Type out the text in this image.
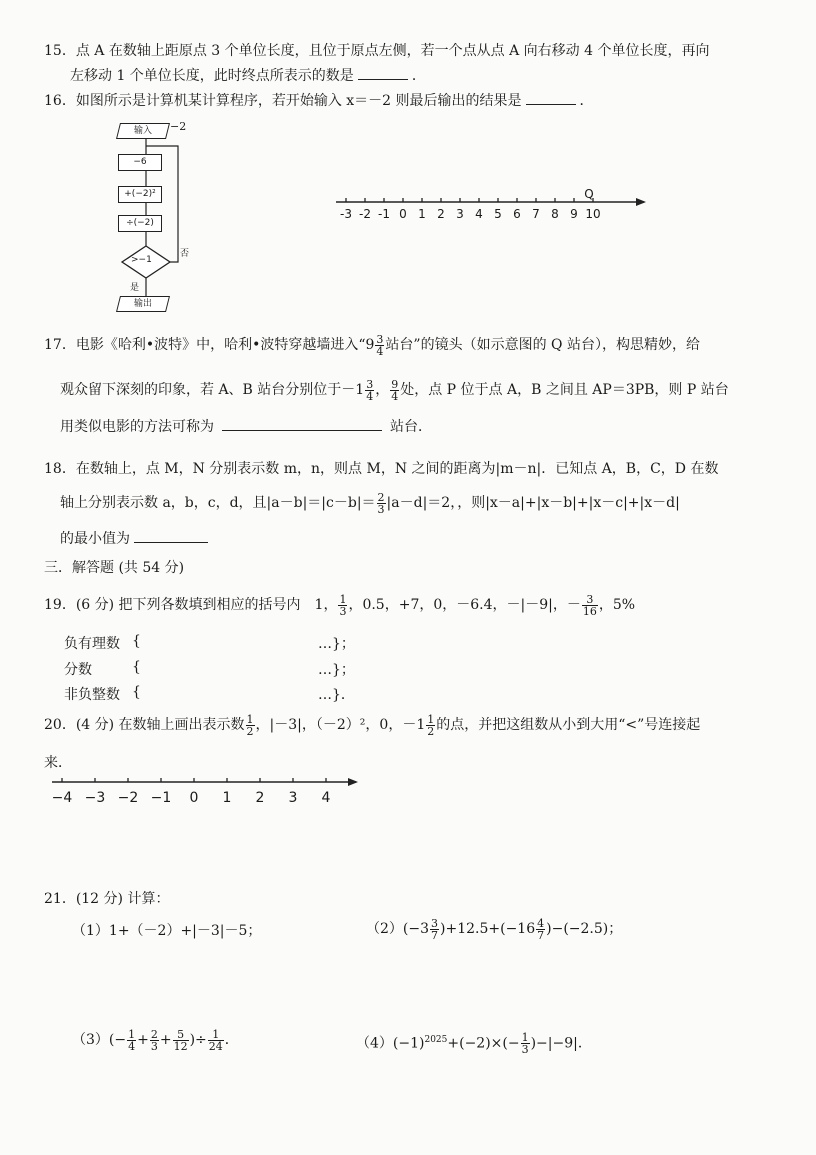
15．点 A 在数轴上距原点 3 个单位长度，且位于原点左侧，若一个点从点 A 向右移动 4 个单位长度，再向
左移动 1 个单位长度，此时终点所表示的数是	．
16．如图所示是计算机某计算程序，若开始输入 x＝－2 则最后输出的结果是	．
输入	−2
−6
+(−2)²
÷(−2)
>−1
否
是
输出
-3 -2 -1 0 1 2 3 4 5 6 7 8 9 10
Q
17．电影《哈利•波特》中，哈利•波特穿越墙进入“$9 \frac{3}{4}$ 站台”的镜头（如示意图的 Q 站台），构思精妙，给
观众留下深刻的印象，若 A、B 站台分别位于$-1 \frac{3}{4}$ ， $\frac{9}{4}$ 处，点 P 位于点 A，B 之间且 AP＝3PB，则 P 站台
用类似电影的方法可称为	站台．
18．在数轴上，点 M，N 分别表示数 m，n，则点 M，N 之间的距离为|m－n|．已知点 A，B，C，D 在数
轴上分别表示数 a，b，c，d，且$|a-b|=|c-b|= \frac{2}{3} |a-d|=2$，，则|x－a|+|x－b|+|x－c|+|x－d|
的最小值为
三．解答题 (共 54 分)
19．(6 分) 把下列各数填到相应的括号内　1， $\frac{1}{3}$ ，0.5，+7，0，－6.4，－|－9|，－ $\frac{3}{16}$ ，5%
负有理数 {	…}；
分数	{	…}；
非负整数 {	…}．
20．(4 分) 在数轴上画出表示数 $\frac{1}{2}$ ，|－3|，（－2）²，0，$-1 \frac{1}{2}$ 的点，并把这组数从小到大用“<”号连接起
来．
−4 −3 −2 −1 0 1 2 3 4
21．(12 分) 计算：
（1）1+（－2）+|－3|－5；	$(2)(-3 \frac{3}{7} )+12.5+(-16 \frac{4}{7} )-(-2.5)$；
$(3)(- \frac{1}{4} + \frac{2}{3} + \frac{5}{12}$ )÷ $\frac{1}{24}$ ．	$(4)(-1)^{2025}+(-2)\times(- \frac{1}{3} )-|-9|$．
